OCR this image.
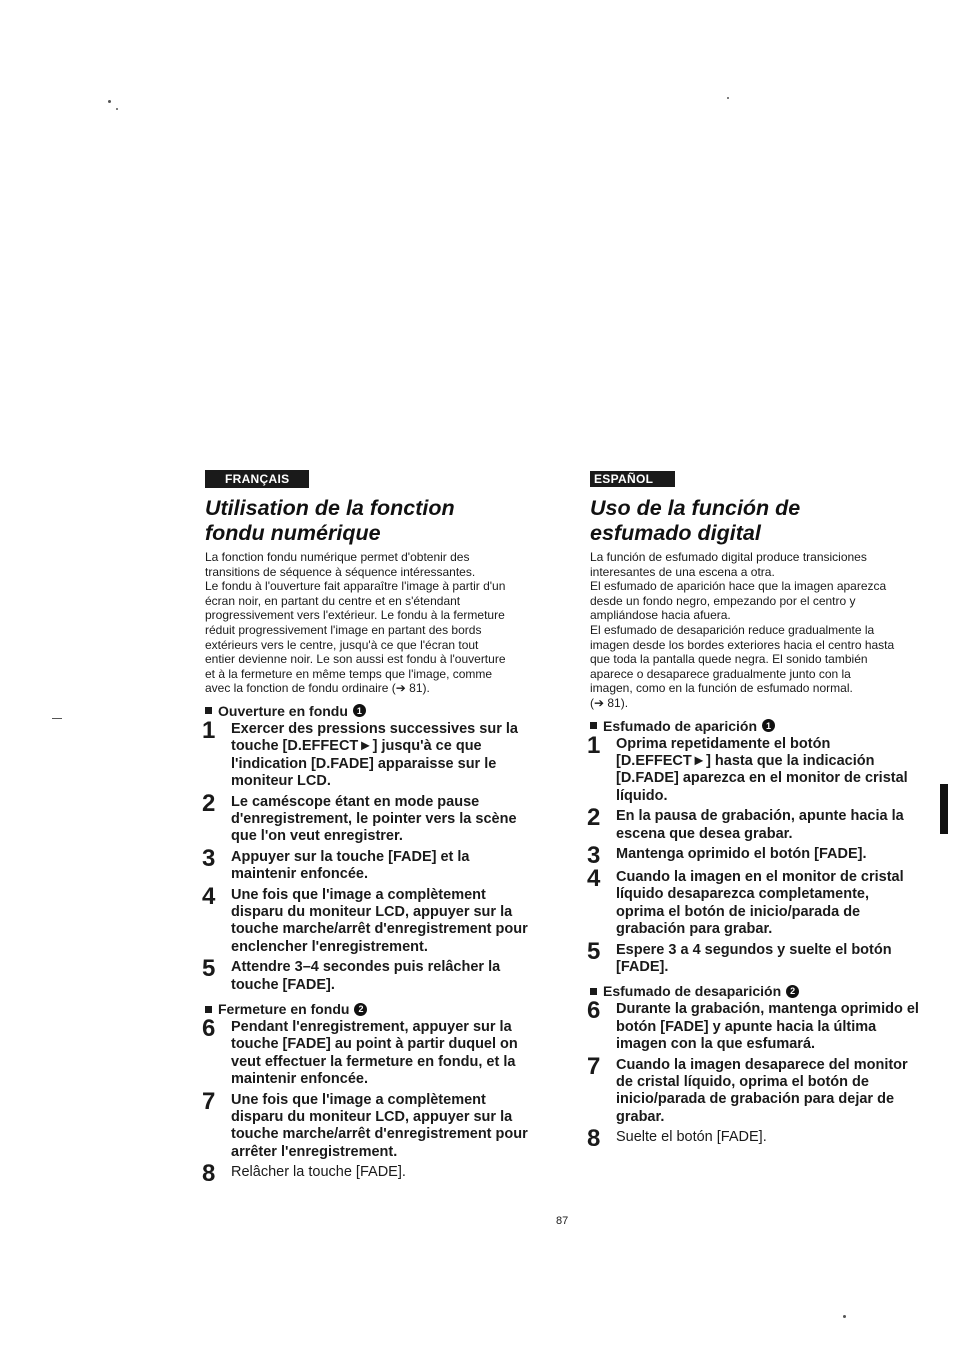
FRANÇAIS
Utilisation de la fonction
fondu numérique

La fonction fondu numérique permet d'obtenir des

transitions de séquence à séquence intéressantes.

Le fondu à l'ouverture fait apparaître l'image à partir d'un

écran noir, en partant du centre et en s'étendant

progressivement vers l'extérieur. Le fondu à la fermeture

réduit progressivement l'image en partant des bords

extérieurs vers le centre, jusqu'à ce que l'écran tout

entier devienne noir. Le son aussi est fondu à l'ouverture

et à la fermeture en même temps que l'image, comme

avec la fonction de fondu ordinaire (➔ 81).

Ouverture en fondu 1
1	Exercer des pressions successives sur la touche [D.EFFECT►] jusqu'à ce que l'indication [D.FADE] apparaisse sur le moniteur LCD.
2	Le caméscope étant en mode pause d'enregistrement, le pointer vers la scène que l'on veut enregistrer.
3	Appuyer sur la touche [FADE] et la maintenir enfoncée.
4	Une fois que l'image a complètement disparu du moniteur LCD, appuyer sur la touche marche/arrêt d'enregistrement pour enclencher l'enregistrement.
5	Attendre 3–4 secondes puis relâcher la touche [FADE].
Fermeture en fondu 2
6	Pendant l'enregistrement, appuyer sur la touche [FADE] au point à partir duquel on veut effectuer la fermeture en fondu, et la maintenir enfoncée.
7	Une fois que l'image a complètement disparu du moniteur LCD, appuyer sur la touche marche/arrêt d'enregistrement pour arrêter l'enregistrement.
8	Relâcher la touche [FADE].
ESPAÑOL
Uso de la función de
esfumado digital

La función de esfumado digital produce transiciones

interesantes de una escena a otra.

El esfumado de aparición hace que la imagen aparezca

desde un fondo negro, empezando por el centro y

ampliándose hacia afuera.

El esfumado de desaparición reduce gradualmente la

imagen desde los bordes exteriores hacia el centro hasta

que toda la pantalla quede negra. El sonido también

aparece o desaparece gradualmente junto con la

imagen, como en la función de esfumado normal.

(➔ 81).

Esfumado de aparición 1
1	Oprima repetidamente el botón [D.EFFECT►] hasta que la indicación [D.FADE] aparezca en el monitor de cristal líquido.
2	En la pausa de grabación, apunte hacia la escena que desea grabar.
3	Mantenga oprimido el botón [FADE].
4	Cuando la imagen en el monitor de cristal líquido desaparezca completamente, oprima el botón de inicio/parada de grabación para grabar.
5	Espere 3 a 4 segundos y suelte el botón [FADE].
Esfumado de desaparición 2
6	Durante la grabación, mantenga oprimido el botón [FADE] y apunte hacia la última imagen con la que esfumará.
7	Cuando la imagen desaparece del monitor de cristal líquido, oprima el botón de inicio/parada de grabación para dejar de grabar.
8	Suelte el botón [FADE].
87
